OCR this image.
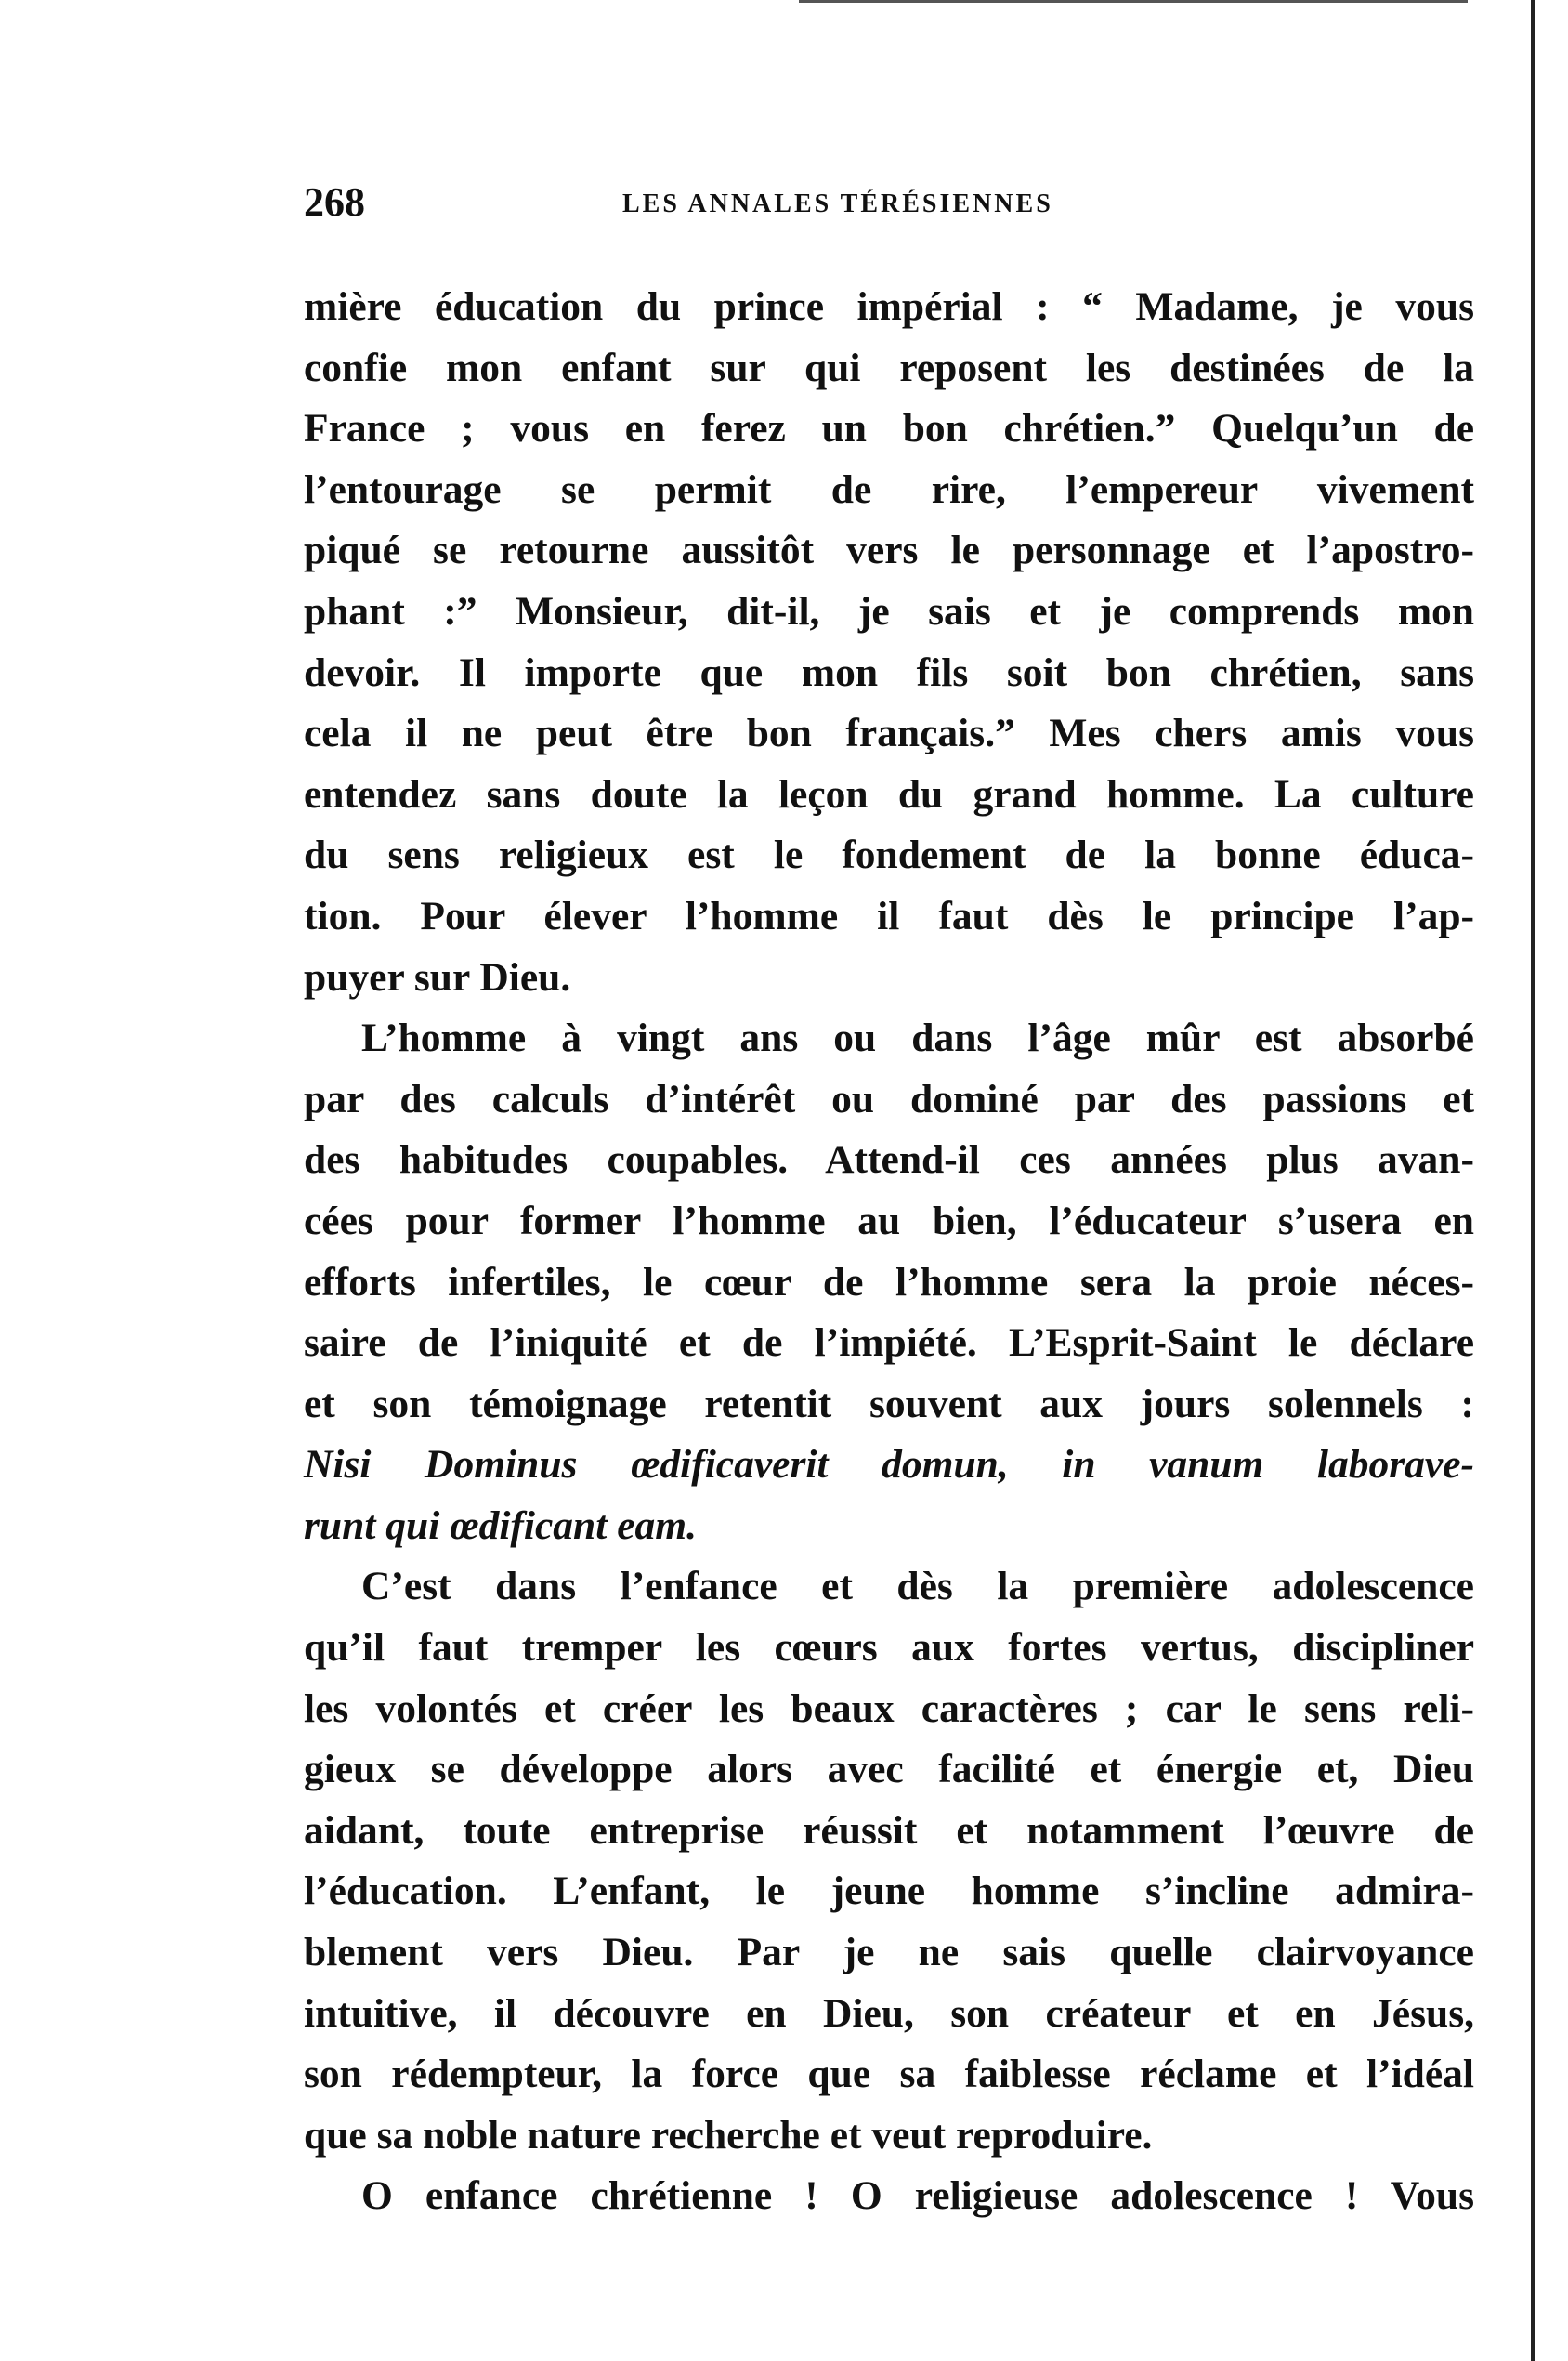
268	LES ANNALES TÉRÉSIENNES
mière éducation du prince impérial : “ Madame, je vous
confie mon enfant sur qui reposent les destinées de la
France ; vous en ferez un bon chrétien.” Quelqu’un de
l’entourage se permit de rire, l’empereur vivement
piqué se retourne aussitôt vers le personnage et l’apostro-
phant :” Monsieur, dit-il, je sais et je comprends mon
devoir. Il importe que mon fils soit bon chrétien, sans
cela il ne peut être bon français.” Mes chers amis vous
entendez sans doute la leçon du grand homme. La culture
du sens religieux est le fondement de la bonne éduca-
tion. Pour élever l’homme il faut dès le principe l’ap-
puyer sur Dieu.
L’homme à vingt ans ou dans l’âge mûr est absorbé
par des calculs d’intérêt ou dominé par des passions et
des habitudes coupables. Attend-il ces années plus avan-
cées pour former l’homme au bien, l’éducateur s’usera en
efforts infertiles, le cœur de l’homme sera la proie néces-
saire de l’iniquité et de l’impiété. L’Esprit-Saint le déclare
et son témoignage retentit souvent aux jours solennels :
Nisi Dominus œdificaverit domun, in vanum laborave-
runt qui œdificant eam.
C’est dans l’enfance et dès la première adolescence
qu’il faut tremper les cœurs aux fortes vertus, discipliner
les volontés et créer les beaux caractères ; car le sens reli-
gieux se développe alors avec facilité et énergie et, Dieu
aidant, toute entreprise réussit et notamment l’œuvre de
l’éducation. L’enfant, le jeune homme s’incline admira-
blement vers Dieu. Par je ne sais quelle clairvoyance
intuitive, il découvre en Dieu, son créateur et en Jésus,
son rédempteur, la force que sa faiblesse réclame et l’idéal
que sa noble nature recherche et veut reproduire.
O enfance chrétienne ! O religieuse adolescence ! Vous
